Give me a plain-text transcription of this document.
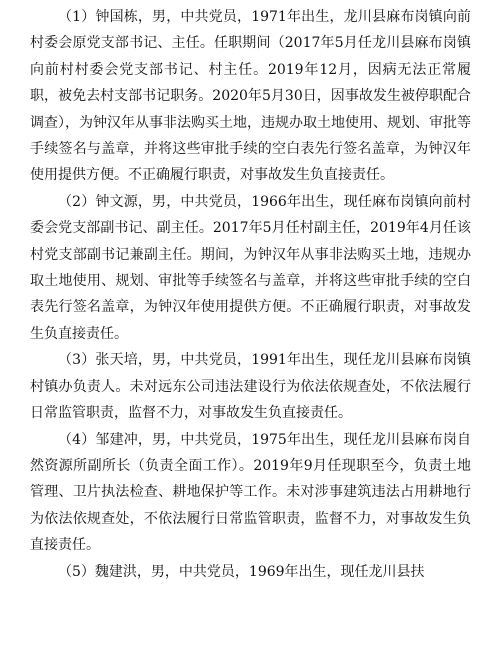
（1）钟国栋，男，中共党员，1971年出生，龙川县麻布岗镇向前村委会原党支部书记、主任。任职期间（2017年5月任龙川县麻布岗镇向前村村委会党支部书记、村主任。2019年12月，因病无法正常履职，被免去村支部书记职务。2020年5月30日，因事故发生被停职配合调查），为钟汉年从事非法购买土地，违规办取土地使用、规划、审批等手续签名与盖章，并将这些审批手续的空白表先行签名盖章，为钟汉年使用提供方便。不正确履行职责，对事故发生负直接责任。

（2）钟文源，男，中共党员，1966年出生，现任麻布岗镇向前村委会党支部副书记、副主任。2017年5月任村副主任，2019年4月任该村党支部副书记兼副主任。期间，为钟汉年从事非法购买土地，违规办取土地使用、规划、审批等手续签名与盖章，并将这些审批手续的空白表先行签名盖章，为钟汉年使用提供方便。不正确履行职责，对事故发生负直接责任。

（3）张天培，男，中共党员，1991年出生，现任龙川县麻布岗镇村镇办负责人。未对远东公司违法建设行为依法依规查处，不依法履行日常监管职责，监督不力，对事故发生负直接责任。

（4）邹建冲，男，中共党员，1975年出生，现任龙川县麻布岗自然资源所副所长（负责全面工作）。2019年9月任现职至今，负责土地管理、卫片执法检查、耕地保护等工作。未对涉事建筑违法占用耕地行为依法依规查处，不依法履行日常监管职责，监督不力，对事故发生负直接责任。

（5）魏建洪，男，中共党员，1969年出生，现任龙川县扶
